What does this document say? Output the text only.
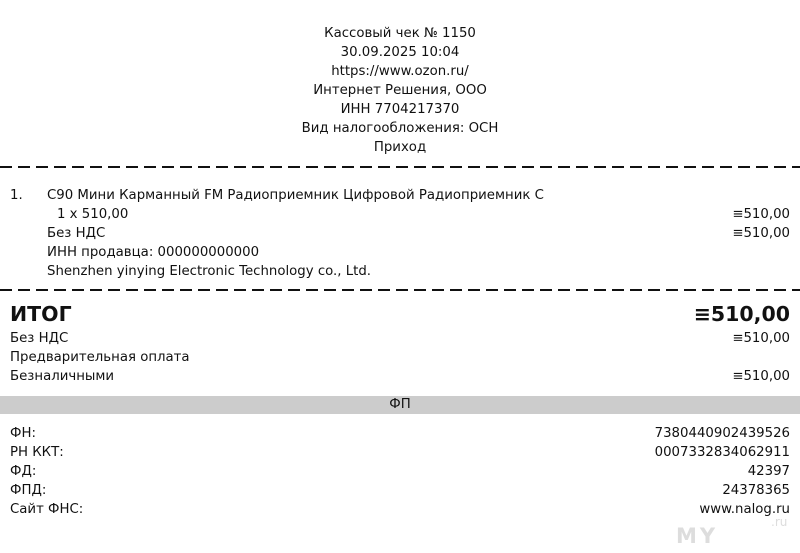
Кассовый чек № 1150
30.09.2025 10:04
https://www.ozon.ru/
Интернет Решения, ООО
ИНН 7704217370
Вид налогообложения: ОСН
Приход
1. C90 Мини Карманный FM Радиоприемник Цифровой Радиоприемник С
1 x 510,00	≡510,00
Без НДС	≡510,00
ИНН продавца: 000000000000
Shenzhen yinying Electronic Technology co., Ltd.
ИТОГ	≡510,00
Без НДС	≡510,00
Предварительная оплата
Безналичными	≡510,00
ФП
ФН:	7380440902439526
РН ККТ:	0007332834062911
ФД:	42397
ФПД:	24378365
Сайт ФНС:	www.nalog.ru
MY
.ru
